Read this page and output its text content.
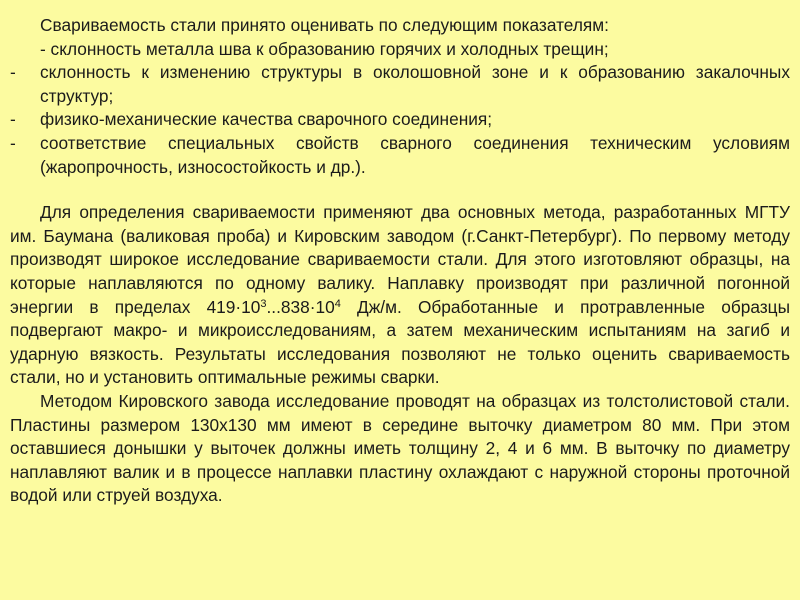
Свариваемость стали принято оценивать по следующим показателям:
- склонность металла шва к образованию горячих и холодных трещин;
-	склонность к изменению структуры в околошовной зоне и к образованию закалочных структур;
-	физико-механические качества сварочного соединения;
-	соответствие специальных свойств сварного соединения техническим условиям (жаропрочность, износостойкость и др.).

Для определения свариваемости применяют два основных метода, разработанных МГТУ им. Баумана (валиковая проба) и Кировским заводом (г.Санкт-Петербург). По первому методу производят широкое исследование свариваемости стали. Для этого изготовляют образцы, на которые наплавляются по одному валику. Наплавку производят при различной погонной энергии в пределах $419\cdot 10^3...838\cdot 10^4$ Дж/м. Обработанные и протравленные образцы подвергают макро- и микроисследованиям, а затем механическим испытаниям на загиб и ударную вязкость. Результаты исследования позволяют не только оценить свариваемость стали, но и установить оптимальные режимы сварки.

Методом Кировского завода исследование проводят на образцах из толстолистовой стали. Пластины размером 130х130 мм имеют в середине выточку диаметром 80 мм. При этом оставшиеся донышки у выточек должны иметь толщину 2, 4 и 6 мм. В выточку по диаметру наплавляют валик и в процессе наплавки пластину охлаждают с наружной стороны проточной водой или струей воздуха.
